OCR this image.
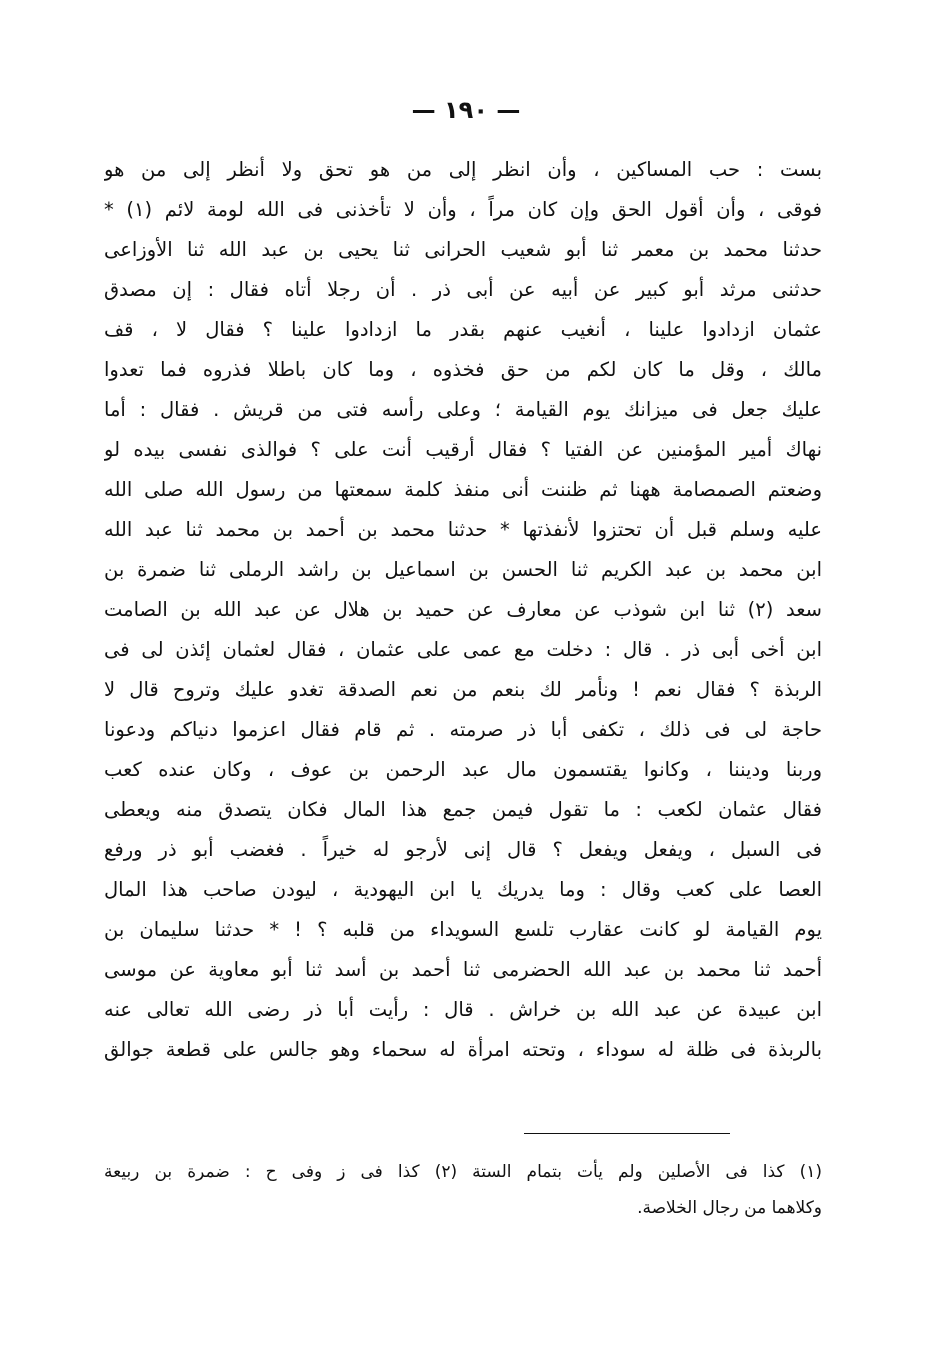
— ١٩٠ —
بست : حب المساكين ، وأن انظر إلى من هو تحق ولا أنظر إلى من هو
فوقى ، وأن أقول الحق وإن كان مراً ، وأن لا تأخذنى فى الله لومة لائم (١) *
حدثنا محمد بن معمر ثنا أبو شعيب الحرانى ثنا يحيى بن عبد الله ثنا الأوزاعى
حدثنى مرثد أبو كبير عن أبيه عن أبى ذر . أن رجلا أتاه فقال : إن مصدق
عثمان ازدادوا علينا ، أنغيب عنهم بقدر ما ازدادوا علينا ؟ فقال لا ، قف
مالك ، وقل ما كان لكم من حق فخذوه ، وما كان باطلا فذروه فما تعدوا
عليك جعل فى ميزانك يوم القيامة ؛ وعلى رأسه فتى من قريش . فقال : أما
نهاك أمير المؤمنين عن الفتيا ؟ فقال أرقيب أنت على ؟ فوالذى نفسى بيده لو
وضعتم الصمصامة ههنا ثم ظننت أنى منفذ كلمة سمعتها من رسول الله صلى الله
عليه وسلم قبل أن تحتزوا لأنفذتها * حدثنا محمد بن أحمد بن محمد ثنا عبد الله
ابن محمد بن عبد الكريم ثنا الحسن بن اسماعيل بن راشد الرملى ثنا ضمرة بن
سعد (٢) ثنا ابن شوذب عن معارف عن حميد بن هلال عن عبد الله بن الصامت
ابن أخى أبى ذر . قال : دخلت مع عمى على عثمان ، فقال لعثمان إئذن لى فى
الربذة ؟ فقال نعم ! ونأمر لك بنعم من نعم الصدقة تغدو عليك وتروح قال لا
حاجة لى فى ذلك ، تكفى أبا ذر صرمته . ثم قام فقال اعزموا دنياكم ودعونا
وربنا وديننا ، وكانوا يقتسمون مال عبد الرحمن بن عوف ، وكان عنده كعب
فقال عثمان لكعب : ما تقول فيمن جمع هذا المال فكان يتصدق منه ويعطى
فى السبل ، ويفعل ويفعل ؟ قال إنى لأرجو له خيراً . فغضب أبو ذر ورفع
العصا على كعب وقال : وما يدريك يا ابن اليهودية ، ليودن صاحب هذا المال
يوم القيامة لو كانت عقارب تلسع السويداء من قلبه ؟ ! * حدثنا سليمان بن
أحمد ثنا محمد بن عبد الله الحضرمى ثنا أحمد بن أسد ثنا أبو معاوية عن موسى
ابن عبيدة عن عبد الله بن خراش . قال : رأيت أبا ذر رضى الله تعالى عنه
بالربذة فى ظلة له سوداء ، وتحته امرأة له سحماء وهو جالس على قطعة جوالق
(١) كذا فى الأصلين ولم يأت بتمام الستة (٢) كذا فى ز وفى ح : ضمرة بن ربيعة
وكلاهما من رجال الخلاصة.
